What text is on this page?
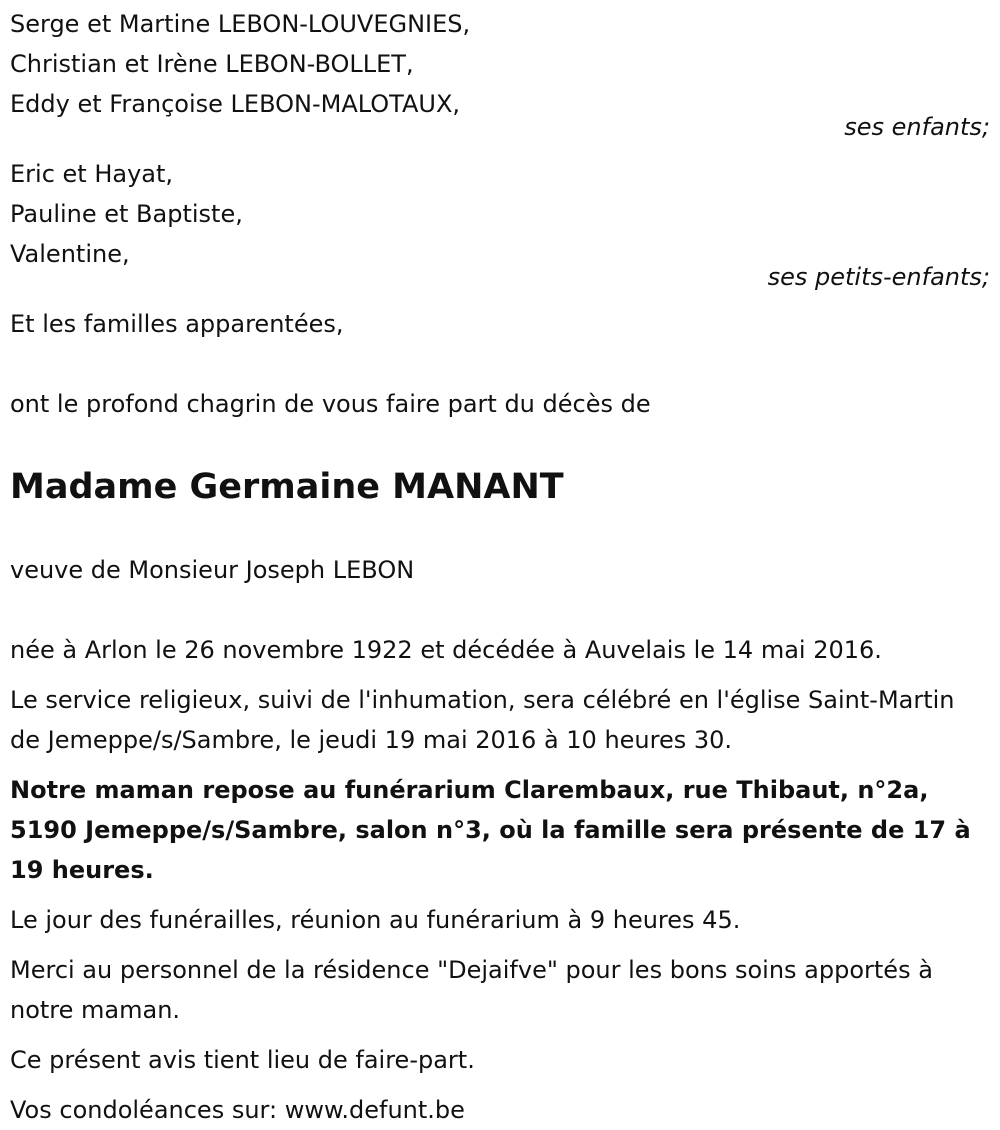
Serge et Martine LEBON-LOUVEGNIES,
Christian et Irène LEBON-BOLLET,
Eddy et Françoise LEBON-MALOTAUX,
ses enfants;
Eric et Hayat,
Pauline et Baptiste,
Valentine,
ses petits-enfants;
Et les familles apparentées,
ont le profond chagrin de vous faire part du décès de
Madame Germaine MANANT
veuve de Monsieur Joseph LEBON
née à Arlon le 26 novembre 1922 et décédée à Auvelais le 14 mai 2016.

Le service religieux, suivi de l'inhumation, sera célébré en l'église Saint-Martin de Jemeppe/s/Sambre, le jeudi 19 mai 2016 à 10 heures 30.

Notre maman repose au funérarium Clarembaux, rue Thibaut, n°2a, 5190 Jemeppe/s/Sambre, salon n°3, où la famille sera présente de 17 à 19 heures.

Le jour des funérailles, réunion au funérarium à 9 heures 45.

Merci au personnel de la résidence "Dejaifve" pour les bons soins apportés à notre maman.

Ce présent avis tient lieu de faire-part.

Vos condoléances sur: www.defunt.be
